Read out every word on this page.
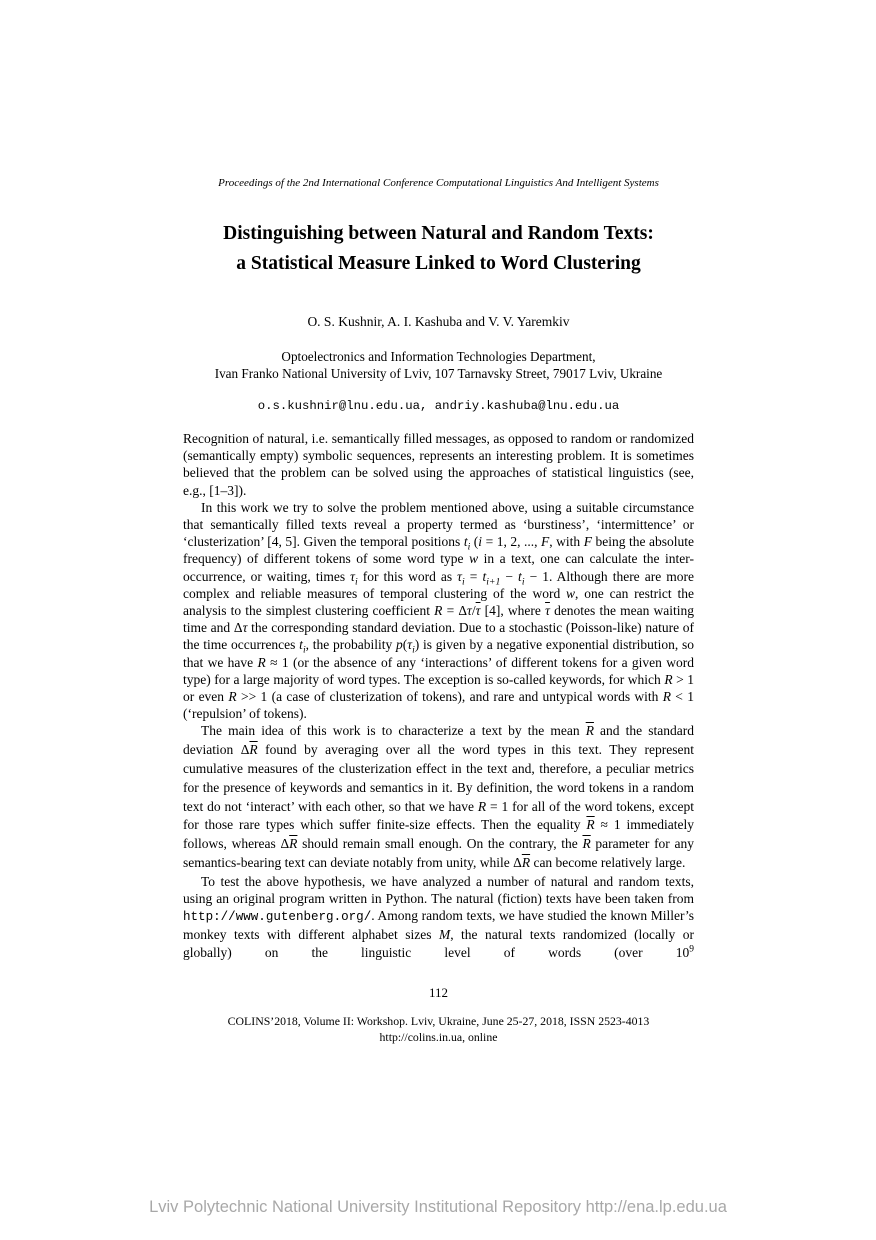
Proceedings of the 2nd International Conference Computational Linguistics And Intelligent Systems
Distinguishing between Natural and Random Texts:
a Statistical Measure Linked to Word Clustering
O. S. Kushnir, A. I. Kashuba and V. V. Yaremkiv
Optoelectronics and Information Technologies Department,
Ivan Franko National University of Lviv, 107 Tarnavsky Street, 79017 Lviv, Ukraine
o.s.kushnir@lnu.edu.ua, andriy.kashuba@lnu.edu.ua

Recognition of natural, i.e. semantically filled messages, as opposed to random or randomized (semantically empty) symbolic sequences, represents an interesting problem. It is sometimes believed that the problem can be solved using the approaches of statistical linguistics (see, e.g., [1–3]).

In this work we try to solve the problem mentioned above, using a suitable circumstance that semantically filled texts reveal a property termed as ‘burstiness’, ‘intermittence’ or ‘clusterization’ [4, 5]. Given the temporal positions $t_i$ (i = 1, 2, ..., F, with F being the absolute frequency) of different tokens of some word type w in a text, one can calculate the inter-occurrence, or waiting, times $\tau_i$ for this word as $\tau_i = t_{i+1} - t_i - 1$. Although there are more complex and reliable measures of temporal clustering of the word w, one can restrict the analysis to the simplest clustering coefficient $R = \Delta\tau/\overline{\tau}$ [4], where $\overline{\tau}$ denotes the mean waiting time and Δτ the corresponding standard deviation. Due to a stochastic (Poisson-like) nature of the time occurrences $t_i$, the probability $p(\tau_i)$ is given by a negative exponential distribution, so that we have R ≈ 1 (or the absence of any ‘interactions’ of different tokens for a given word type) for a large majority of word types. The exception is so-called keywords, for which R > 1 or even R >> 1 (a case of clusterization of tokens), and rare and untypical words with R < 1 (‘repulsion’ of tokens).

The main idea of this work is to characterize a text by the mean $\overline{R}$ and the standard deviation $\Delta\overline{R}$ found by averaging over all the word types in this text. They represent cumulative measures of the clusterization effect in the text and, therefore, a peculiar metrics for the presence of keywords and semantics in it. By definition, the word tokens in a random text do not ‘interact’ with each other, so that we have R = 1 for all of the word tokens, except for those rare types which suffer finite-size effects. Then the equality $\overline{R} \approx 1$ immediately follows, whereas $\Delta\overline{R}$ should remain small enough. On the contrary, the $\overline{R}$ parameter for any semantics-bearing text can deviate notably from unity, while $\Delta\overline{R}$ can become relatively large.

To test the above hypothesis, we have analyzed a number of natural and random texts, using an original program written in Python. The natural (fiction) texts have been taken from http://www.gutenberg.org/. Among random texts, we have studied the known Miller’s monkey texts with different alphabet sizes M, the natural texts randomized (locally or globally) on the linguistic level of words (over $10^9$

112
COLINS’2018, Volume II: Workshop. Lviv, Ukraine, June 25-27, 2018, ISSN 2523-4013
http://colins.in.ua, online
Lviv Polytechnic National University Institutional Repository http://ena.lp.edu.ua
